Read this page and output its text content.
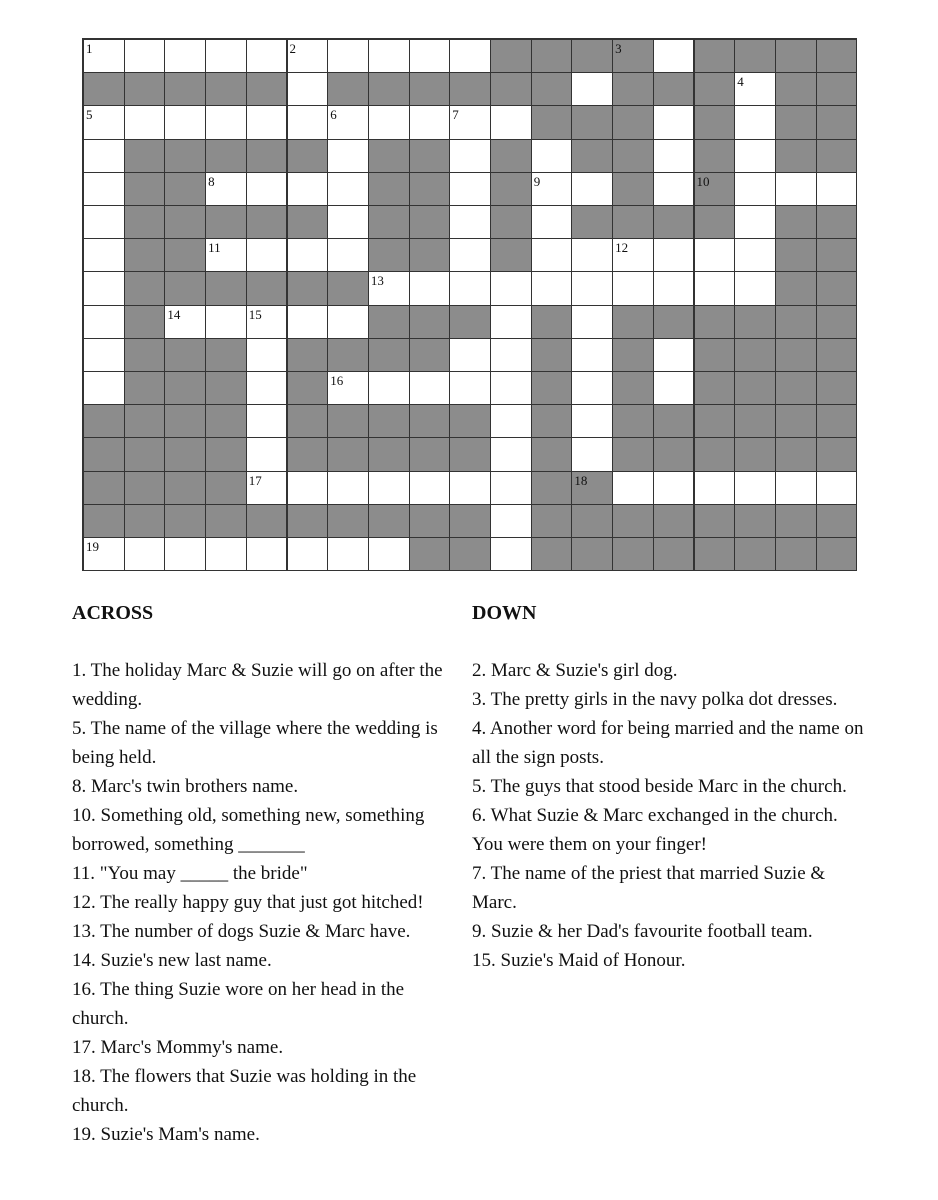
1	2	3
4
5	6	7
8	9	10
11	12
13
14	15
16
17	18
19
ACROSS
1. The holiday Marc & Suzie will go on after the wedding.
5. The name of the village where the wedding is being held.
8. Marc's twin brothers name.
10. Something old, something new, something borrowed, something _______
11. "You may _____ the bride"
12. The really happy guy that just got hitched!
13. The number of dogs Suzie & Marc have.
14. Suzie's new last name.
16. The thing Suzie wore on her head in the church.
17. Marc's Mommy's name.
18. The flowers that Suzie was holding in the church.
19. Suzie's Mam's name.
DOWN
2. Marc & Suzie's girl dog.
3. The pretty girls in the navy polka dot dresses.
4. Another word for being married and the name on all the sign posts.
5. The guys that stood beside Marc in the church.
6. What Suzie & Marc exchanged in the church. You were them on your finger!
7. The name of the priest that married Suzie & Marc.
9. Suzie & her Dad's favourite football team.
15. Suzie's Maid of Honour.
